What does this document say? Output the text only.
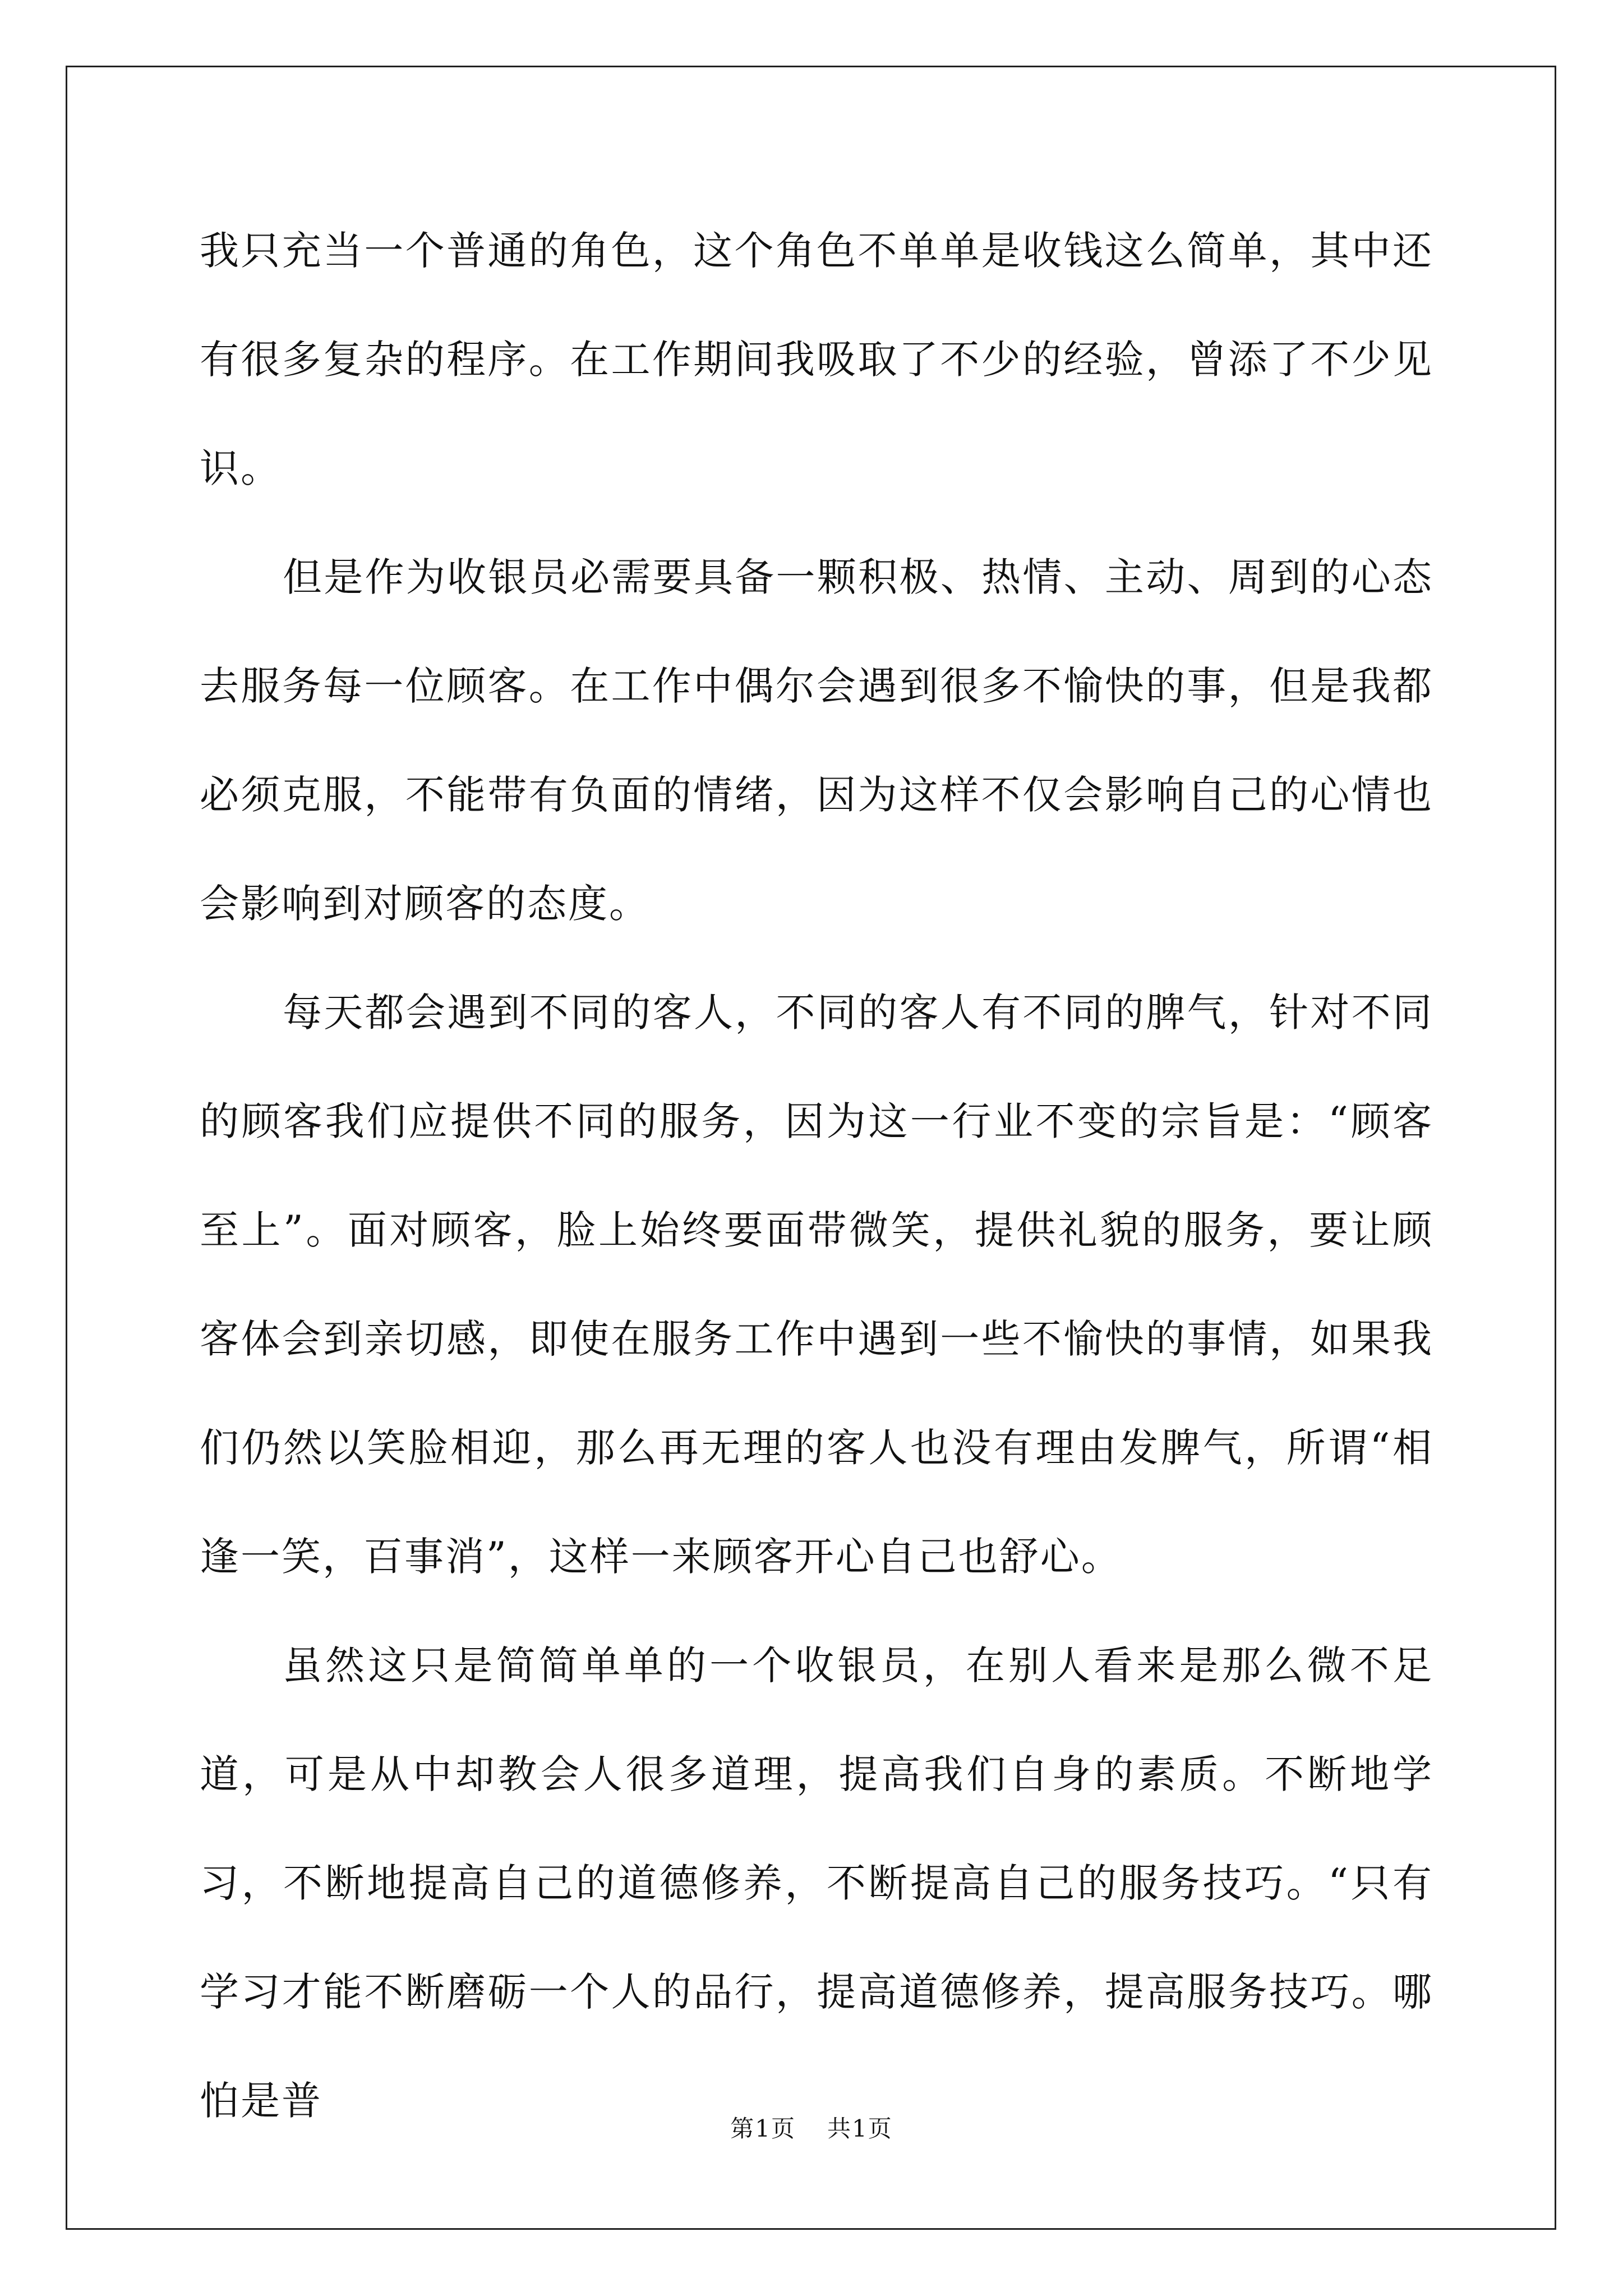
我只充当一个普通的角色，这个角色不单单是收钱这么简单，其中还有很多复杂的程序。在工作期间我吸取了不少的经验，曾添了不少见识。

但是作为收银员必需要具备一颗积极、热情、主动、周到的心态去服务每一位顾客。在工作中偶尔会遇到很多不愉快的事，但是我都必须克服，不能带有负面的情绪，因为这样不仅会影响自己的心情也会影响到对顾客的态度。

每天都会遇到不同的客人，不同的客人有不同的脾气，针对不同的顾客我们应提供不同的服务，因为这一行业不变的宗旨是：“顾客至上”。面对顾客，脸上始终要面带微笑，提供礼貌的服务，要让顾客体会到亲切感，即使在服务工作中遇到一些不愉快的事情，如果我们仍然以笑脸相迎，那么再无理的客人也没有理由发脾气，所谓“相逢一笑，百事消”，这样一来顾客开心自己也舒心。

虽然这只是简简单单的一个收银员，在别人看来是那么微不足道，可是从中却教会人很多道理，提高我们自身的素质。不断地学习，不断地提高自己的道德修养，不断提高自己的服务技巧。“只有学习才能不断磨砺一个人的品行，提高道德修养，提高服务技巧。哪怕是普

第1页 共1页
